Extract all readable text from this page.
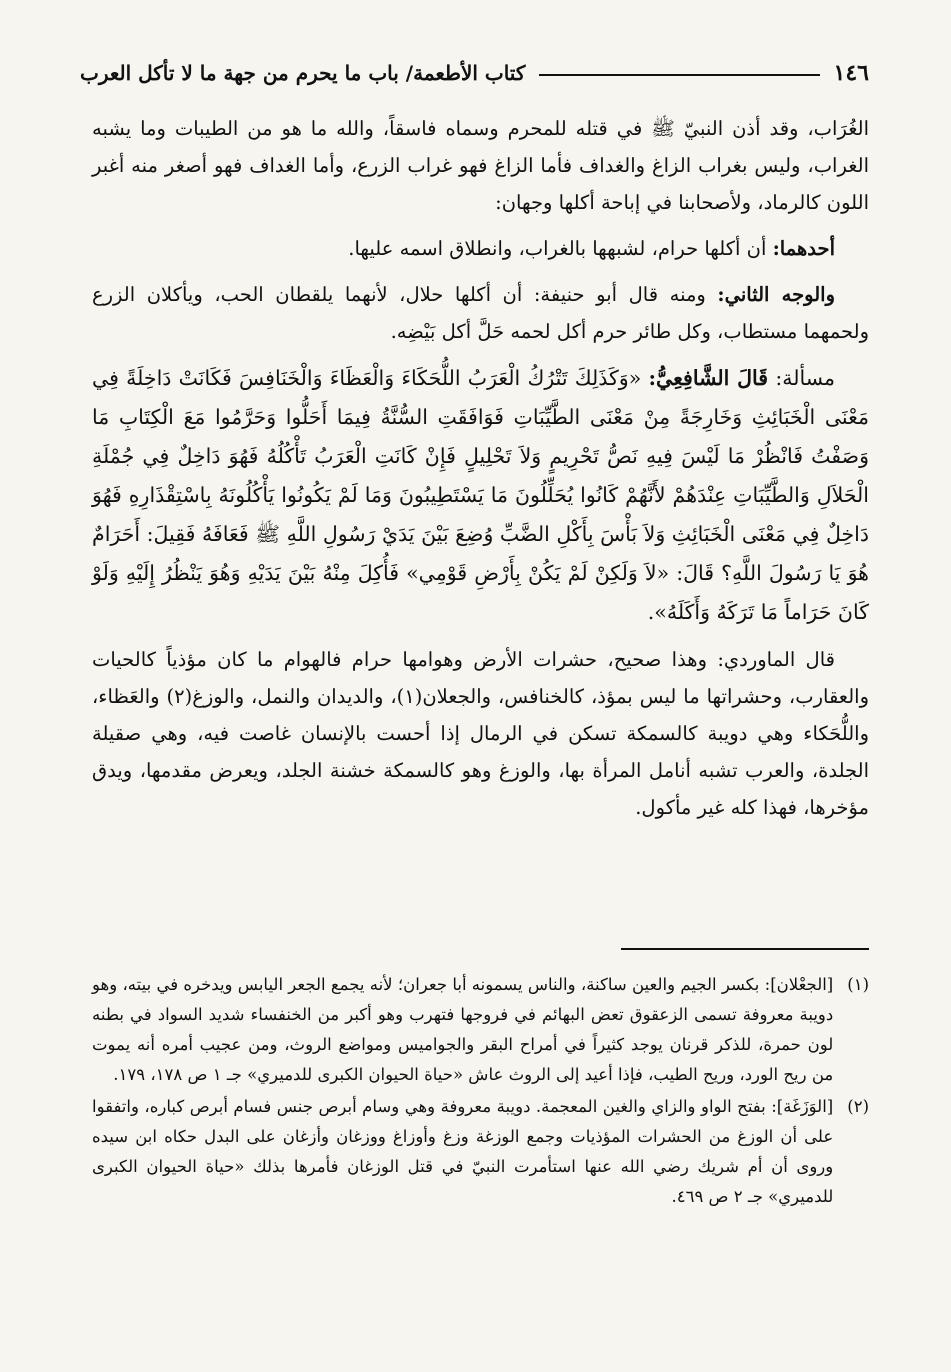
١٤٦
كتاب الأطعمة/ باب ما يحرم من جهة ما لا تأكل العرب

الغُرَاب، وقد أذن النبيّ ﷺ في قتله للمحرم وسماه فاسقاً، والله ما هو من الطيبات وما يشبه الغراب، وليس بغراب الزاغ والغداف فأما الزاغ فهو غراب الزرع، وأما الغداف فهو أصغر منه أغبر اللون كالرماد، ولأصحابنا في إباحة أكلها وجهان:

أحدهما: أن أكلها حرام، لشبهها بالغراب، وانطلاق اسمه عليها.

والوجه الثاني: ومنه قال أبو حنيفة: أن أكلها حلال، لأنهما يلقطان الحب، ويأكلان الزرع ولحمهما مستطاب، وكل طائر حرم أكل لحمه حَلَّ أكل بَيْضِه.

مسألة: قَالَ الشَّافِعِيُّ: «وَكَذَلِكَ تَتْرُكُ الْعَرَبُ اللُّحَكَاءَ وَالْعَظَاءَ وَالْخَنَافِسَ فَكَانَتْ دَاخِلَةً فِي مَعْنَى الْخَبَائِثِ وَخَارِجَةً مِنْ مَعْنَى الطَّيِّبَاتِ فَوَافَقَتِ السُّنَّةُ فِيمَا أَحَلُّوا وَحَرَّمُوا مَعَ الْكِتَابِ مَا وَصَفْتُ فَانْظُرْ مَا لَيْسَ فِيهِ نَصُّ تَحْرِيمٍ وَلاَ تَحْلِيلٍ فَإِنْ كَانَتِ الْعَرَبُ تَأْكُلُهُ فَهُوَ دَاخِلٌ فِي جُمْلَةِ الْحَلاَلِ وَالطَّيِّبَاتِ عِنْدَهُمْ لأَنَّهُمْ كَانُوا يُحَلِّلُونَ مَا يَسْتَطِيبُونَ وَمَا لَمْ يَكُونُوا يَأْكُلُونَهُ بِاسْتِقْذَارِهِ فَهُوَ دَاخِلٌ فِي مَعْنَى الْخَبَائِثِ وَلاَ بَأْسَ بِأَكْلِ الضَّبِّ وُضِعَ بَيْنَ يَدَيْ رَسُولِ اللَّهِ ﷺ فَعَافَهُ فَقِيلَ: أَحَرَامٌ هُوَ يَا رَسُولَ اللَّهِ؟ قَالَ: «لاَ وَلَكِنْ لَمْ يَكُنْ بِأَرْضِ قَوْمِي» فَأُكِلَ مِنْهُ بَيْنَ يَدَيْهِ وَهُوَ يَنْظُرُ إِلَيْهِ وَلَوْ كَانَ حَرَاماً مَا تَرَكَهُ وَأَكَلَهُ».

قال الماوردي: وهذا صحيح، حشرات الأرض وهوامها حرام فالهوام ما كان مؤذياً كالحيات والعقارب، وحشراتها ما ليس بمؤذ، كالخنافس، والجعلان(١)، والديدان والنمل، والوزغ(٢) والعَظاء، واللُّحَكاء وهي دويبة كالسمكة تسكن في الرمال إذا أحست بالإنسان غاصت فيه، وهي صقيلة الجلدة، والعرب تشبه أنامل المرأة بها، والوزغ وهو كالسمكة خشنة الجلد، ويعرض مقدمها، ويدق مؤخرها، فهذا كله غير مأكول.

(١)
[الجعْلان]: بكسر الجيم والعين ساكنة، والناس يسمونه أبا جعران؛ لأنه يجمع الجعر اليابس ويدخره في بيته، وهو دويبة معروفة تسمى الزعقوق تعض البهائم في فروجها فتهرب وهو أكبر من الخنفساء شديد السواد في بطنه لون حمرة، للذكر قرنان يوجد كثيراً في أمراح البقر والجواميس ومواضع الروث، ومن عجيب أمره أنه يموت من ريح الورد، وريح الطيب، فإذا أعيد إلى الروث عاش «حياة الحيوان الكبرى للدميري» جـ ١ ص ١٧٨، ١٧٩.
(٢)
[الوَزَغَة]: بفتح الواو والزاي والغين المعجمة. دويبة معروفة وهي وسام أبرص جنس فسام أبرص كباره، واتفقوا على أن الوزغ من الحشرات المؤذيات وجمع الوزغة وزغ وأوزاغ ووزغان وأزغان على البدل حكاه ابن سيده وروى أن أم شريك رضي الله عنها استأمرت النبيّ في قتل الوزغان فأمرها بذلك «حياة الحيوان الكبرى للدميري» جـ ٢ ص ٤٦٩.
